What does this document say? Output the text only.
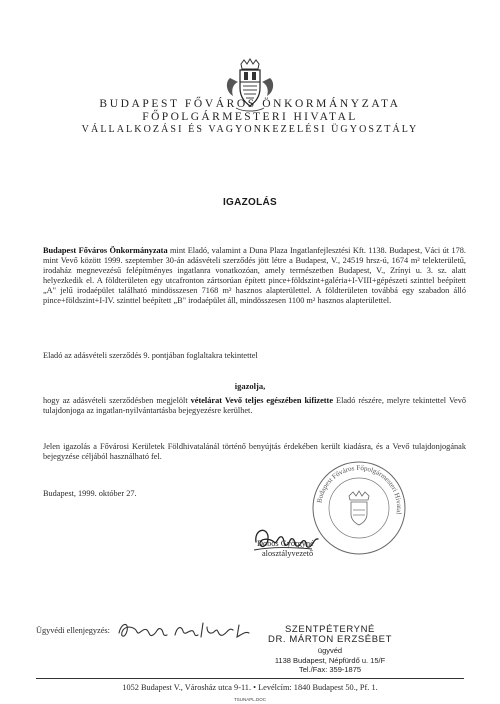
BUDAPEST FŐVÁROS ÖNKORMÁNYZATA
FŐPOLGÁRMESTERI HIVATAL
VÁLLALKOZÁSI ÉS VAGYONKEZELÉSI ÜGYOSZTÁLY
IGAZOLÁS
Budapest Főváros Önkormányzata mint Eladó, valamint a Duna Plaza Ingatlanfejlesztési Kft. 1138. Budapest, Váci út 178. mint Vevő között 1999. szeptember 30-án adásvételi szerződés jött létre a Budapest, V., 24519 hrsz-ú, 1674 m² telekterületű, irodaház megnevezésű felépítményes ingatlanra vonatkozóan, amely természetben Budapest, V., Zrínyi u. 3. sz. alatt helyezkedik el. A földterületen egy utcafronton zártsorúan épített pince+földszint+galéria+I-VIII+gépészeti szinttel beépített „A" jelű irodaépület található mindösszesen 7168 m² hasznos alapterülettel. A földterületen továbbá egy szabadon álló pince+földszint+I-IV. szinttel beépített „B" irodaépület áll, mindösszesen 1100 m² hasznos alapterülettel.
Eladó az adásvételi szerződés 9. pontjában foglaltakra tekintettel
igazolja,
hogy az adásvételi szerződésben megjelölt vételárat Vevő teljes egészében kifizette Eladó részére, melyre tekintettel Vevő tulajdonjoga az ingatlan-nyilvántartásba bejegyezésre kerülhet.
Jelen igazolás a Fővárosi Kerületek Földhivatalánál történő benyújtás érdekében került kiadásra, és a Vevő tulajdonjogának bejegyzése céljából használható fel.
Budapest, 1999. október 27.
Budapest Főváros Főpolgármesteri Hivatal
Dobos Györgyné
alosztályvezető
Ügyvédi ellenjegyzés:	SZENTPÉTERYNÉ
DR. MÁRTON ERZSÉBET
ügyvéd
1138 Budapest, Népfürdő u. 15/F
Tel./Fax: 359-1875
1052 Budapest V., Városház utca 9-11. • Levélcím: 1840 Budapest 50., Pf. 1.
TSUNAPL.DOC
